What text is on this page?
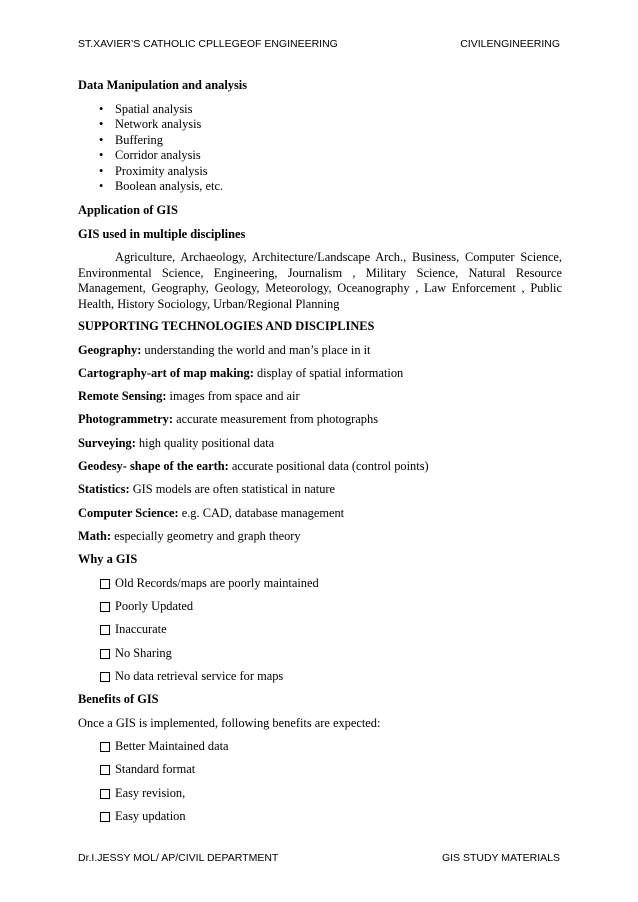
ST.XAVIER’S CATHOLIC CPLLEGEOF ENGINEERING	CIVILENGINEERING
Data Manipulation and analysis
• Spatial analysis
• Network analysis
• Buffering
• Corridor analysis
• Proximity analysis
• Boolean analysis, etc.
Application of GIS
GIS used in multiple disciplines

Agriculture, Archaeology, Architecture/Landscape Arch., Business, Computer Science, Environmental Science, Engineering, Journalism , Military Science, Natural Resource Management, Geography, Geology, Meteorology, Oceanography , Law Enforcement , Public Health, History Sociology, Urban/Regional Planning

SUPPORTING TECHNOLOGIES AND DISCIPLINES
Geography: understanding the world and man’s place in it
Cartography-art of map making: display of spatial information
Remote Sensing: images from space and air
Photogrammetry: accurate measurement from photographs
Surveying: high quality positional data
Geodesy- shape of the earth: accurate positional data (control points)
Statistics: GIS models are often statistical in nature
Computer Science: e.g. CAD, database management
Math: especially geometry and graph theory
Why a GIS
Old Records/maps are poorly maintained
Poorly Updated
Inaccurate
No Sharing
No data retrieval service for maps
Benefits of GIS
Once a GIS is implemented, following benefits are expected:
Better Maintained data
Standard format
Easy revision,
Easy updation
Dr.I.JESSY MOL/ AP/CIVIL DEPARTMENT	GIS STUDY MATERIALS
